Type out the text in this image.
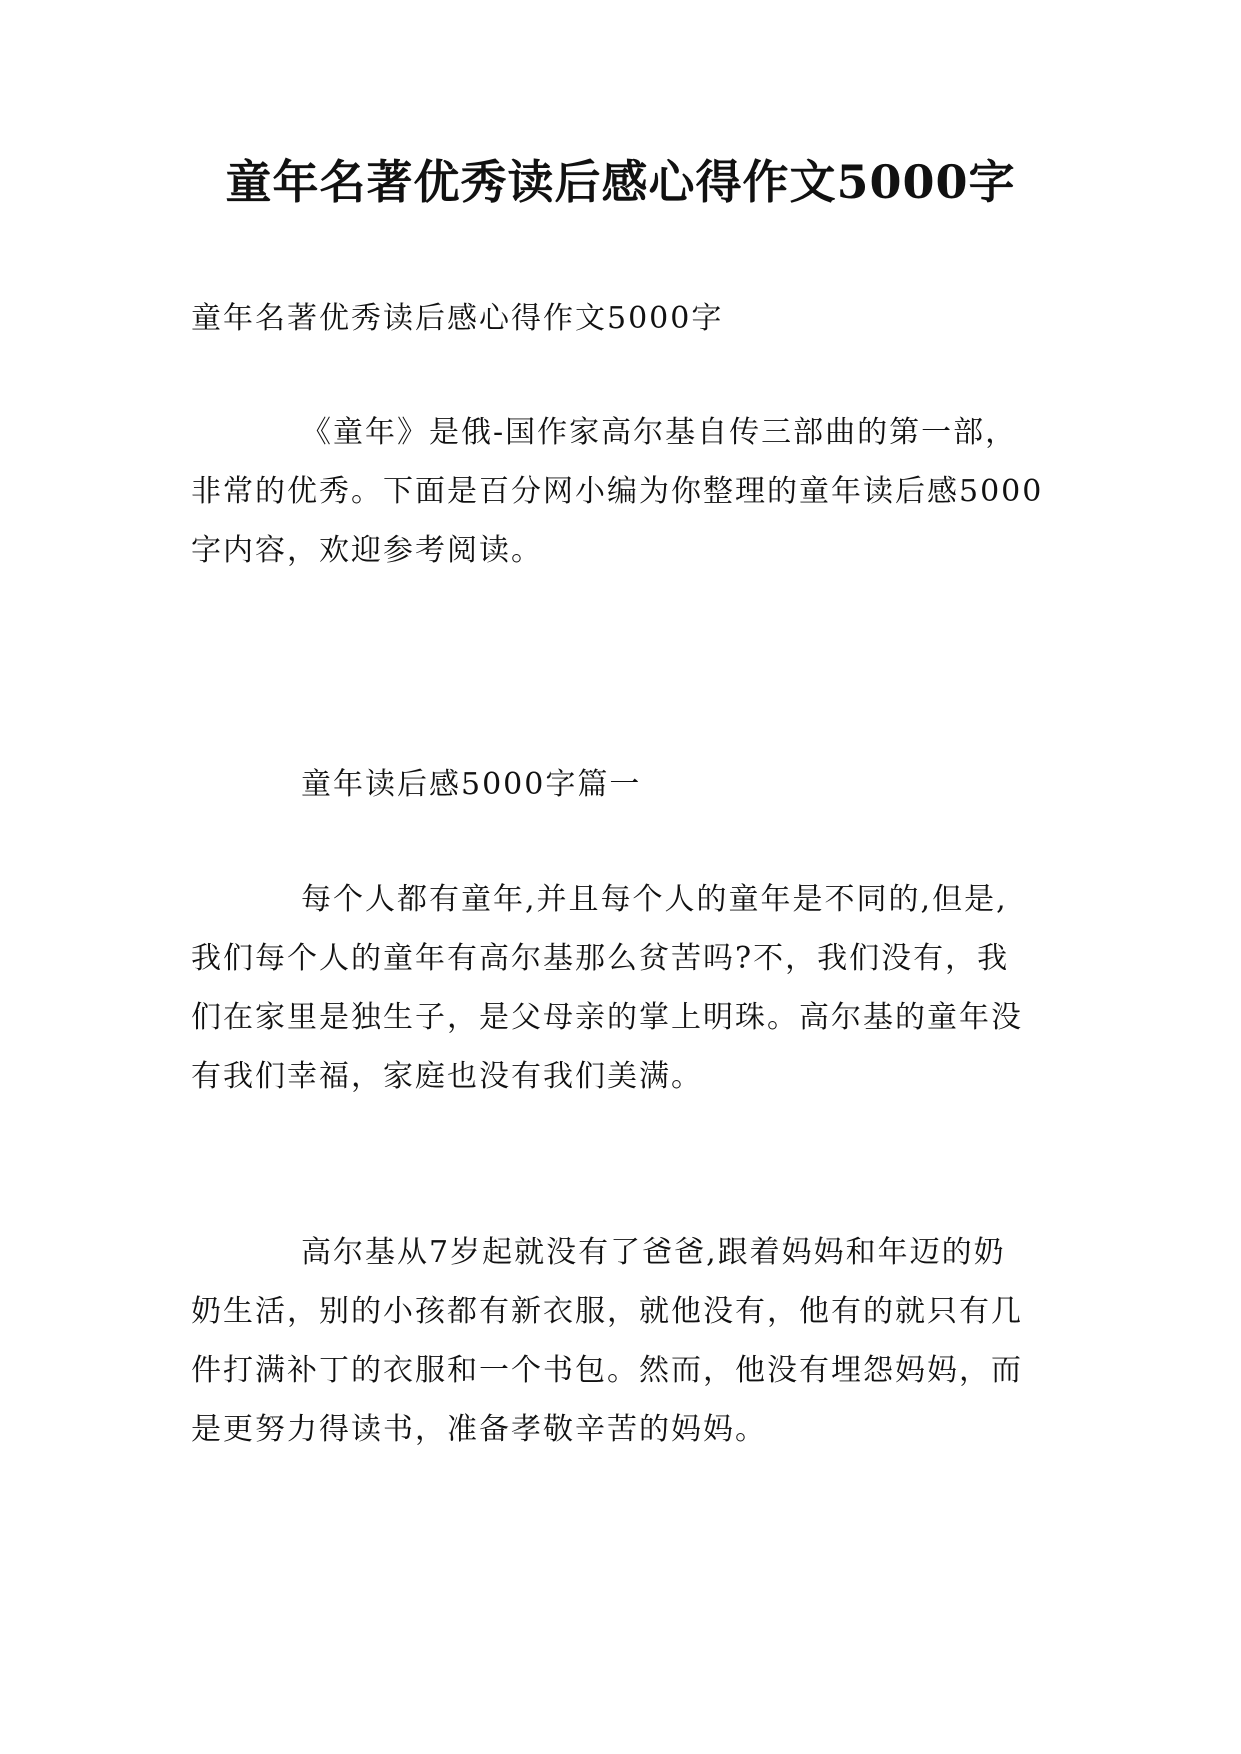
童年名著优秀读后感心得作文5000字
童年名著优秀读后感心得作文5000字
《童年》是俄-国作家高尔基自传三部曲的第一部，
非常的优秀。下面是百分网小编为你整理的童年读后感5000
字内容，欢迎参考阅读。
童年读后感5000字篇一
每个人都有童年,并且每个人的童年是不同的,但是,
我们每个人的童年有高尔基那么贫苦吗?不，我们没有，我
们在家里是独生子，是父母亲的掌上明珠。高尔基的童年没
有我们幸福，家庭也没有我们美满。
高尔基从7岁起就没有了爸爸,跟着妈妈和年迈的奶
奶生活，别的小孩都有新衣服，就他没有，他有的就只有几
件打满补丁的衣服和一个书包。然而，他没有埋怨妈妈，而
是更努力得读书，准备孝敬辛苦的妈妈。
